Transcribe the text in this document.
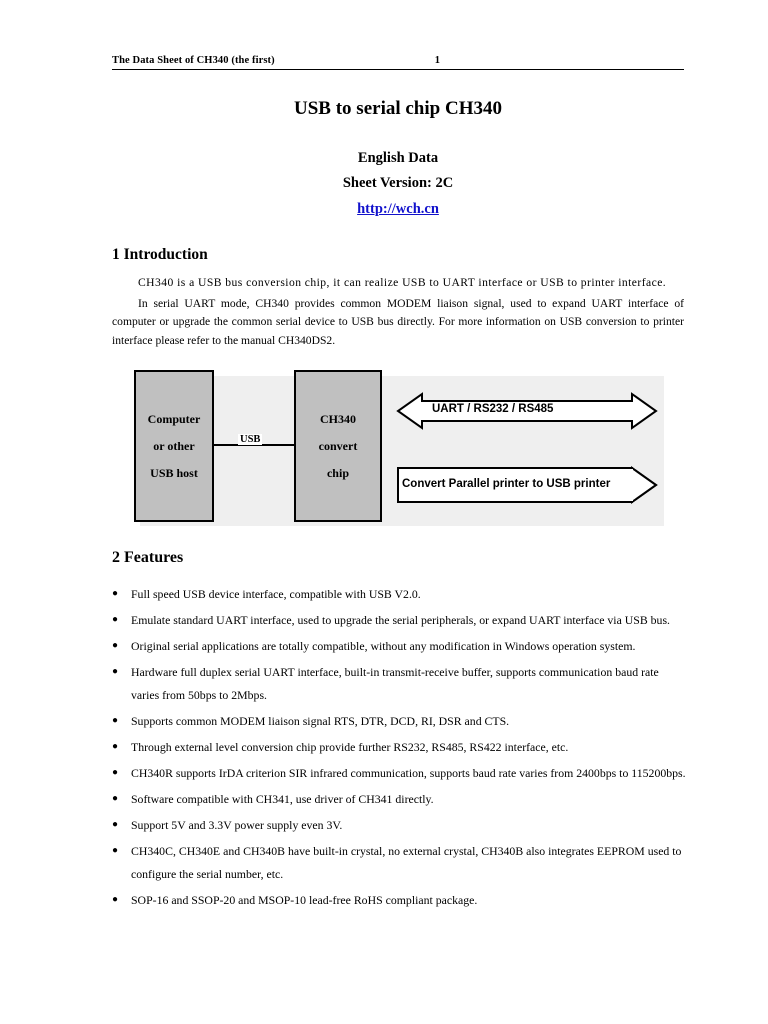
The Data Sheet of CH340 (the first)	1
USB to serial chip CH340
English Data
Sheet Version: 2C
http://wch.cn
1 Introduction

CH340 is a USB bus conversion chip, it can realize USB to UART interface or USB to printer interface.

In serial UART mode, CH340 provides common MODEM liaison signal, used to expand UART interface of computer or upgrade the common serial device to USB bus directly. For more information on USB conversion to printer interface please refer to the manual CH340DS2.

Computer
or other
USB host
USB
CH340
convert
chip
UART / RS232 / RS485
Convert Parallel printer to USB printer
2 Features
● Full speed USB device interface, compatible with USB V2.0.
● Emulate standard UART interface, used to upgrade the serial peripherals, or expand UART interface via USB bus.
● Original serial applications are totally compatible, without any modification in Windows operation system.
● Hardware full duplex serial UART interface, built-in transmit-receive buffer, supports communication baud rate varies from 50bps to 2Mbps.
● Supports common MODEM liaison signal RTS, DTR, DCD, RI, DSR and CTS.
● Through external level conversion chip provide further RS232, RS485, RS422 interface, etc.
● CH340R supports IrDA criterion SIR infrared communication, supports baud rate varies from 2400bps to 115200bps.
● Software compatible with CH341, use driver of CH341 directly.
● Support 5V and 3.3V power supply even 3V.
● CH340C, CH340E and CH340B have built-in crystal, no external crystal, CH340B also integrates EEPROM used to configure the serial number, etc.
● SOP-16 and SSOP-20 and MSOP-10 lead-free RoHS compliant package.
